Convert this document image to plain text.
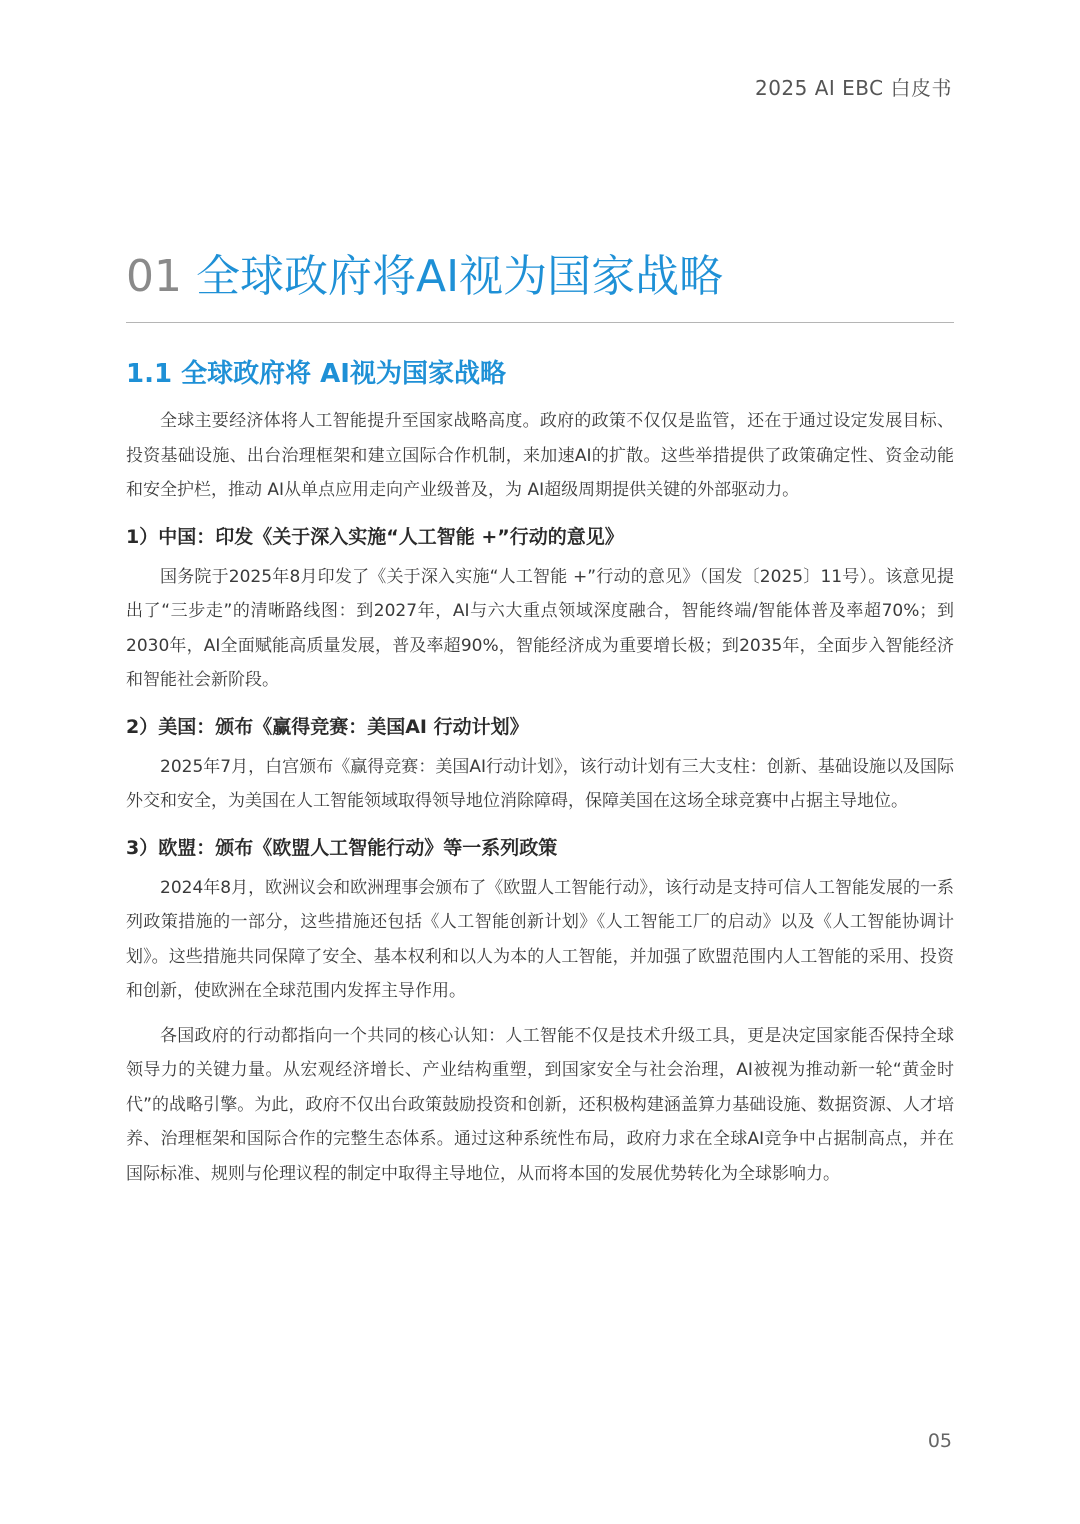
2025 AI EBC 白皮书
01 全球政府将AI视为国家战略
1.1 全球政府将 AI视为国家战略

全球主要经济体将人工智能提升至国家战略高度。政府的政策不仅仅是监管，还在于通过设定发展目标、投资基础设施、出台治理框架和建立国际合作机制，来加速AI的扩散。这些举措提供了政策确定性、资金动能和安全护栏，推动 AI从单点应用走向产业级普及，为 AI超级周期提供关键的外部驱动力。

1）中国：印发《关于深入实施“人工智能 +”行动的意见》

国务院于2025年8月印发了《关于深入实施“人工智能 +”行动的意见》（国发〔2025〕11号）。该意见提出了“三步走”的清晰路线图：到2027年，AI与六大重点领域深度融合，智能终端/智能体普及率超70%；到2030年，AI全面赋能高质量发展，普及率超90%，智能经济成为重要增长极；到2035年，全面步入智能经济和智能社会新阶段。

2）美国：颁布《赢得竞赛：美国AI 行动计划》

2025年7月，白宫颁布《赢得竞赛：美国AI行动计划》，该行动计划有三大支柱：创新、基础设施以及国际外交和安全，为美国在人工智能领域取得领导地位消除障碍，保障美国在这场全球竞赛中占据主导地位。

3）欧盟：颁布《欧盟人工智能行动》等一系列政策

2024年8月，欧洲议会和欧洲理事会颁布了《欧盟人工智能行动》，该行动是支持可信人工智能发展的一系列政策措施的一部分，这些措施还包括《人工智能创新计划》《人工智能工厂的启动》以及《人工智能协调计划》。这些措施共同保障了安全、基本权利和以人为本的人工智能，并加强了欧盟范围内人工智能的采用、投资和创新，使欧洲在全球范围内发挥主导作用。

各国政府的行动都指向一个共同的核心认知：人工智能不仅是技术升级工具，更是决定国家能否保持全球领导力的关键力量。从宏观经济增长、产业结构重塑，到国家安全与社会治理，AI被视为推动新一轮“黄金时代”的战略引擎。为此，政府不仅出台政策鼓励投资和创新，还积极构建涵盖算力基础设施、数据资源、人才培养、治理框架和国际合作的完整生态体系。通过这种系统性布局，政府力求在全球AI竞争中占据制高点，并在国际标准、规则与伦理议程的制定中取得主导地位，从而将本国的发展优势转化为全球影响力。

05
